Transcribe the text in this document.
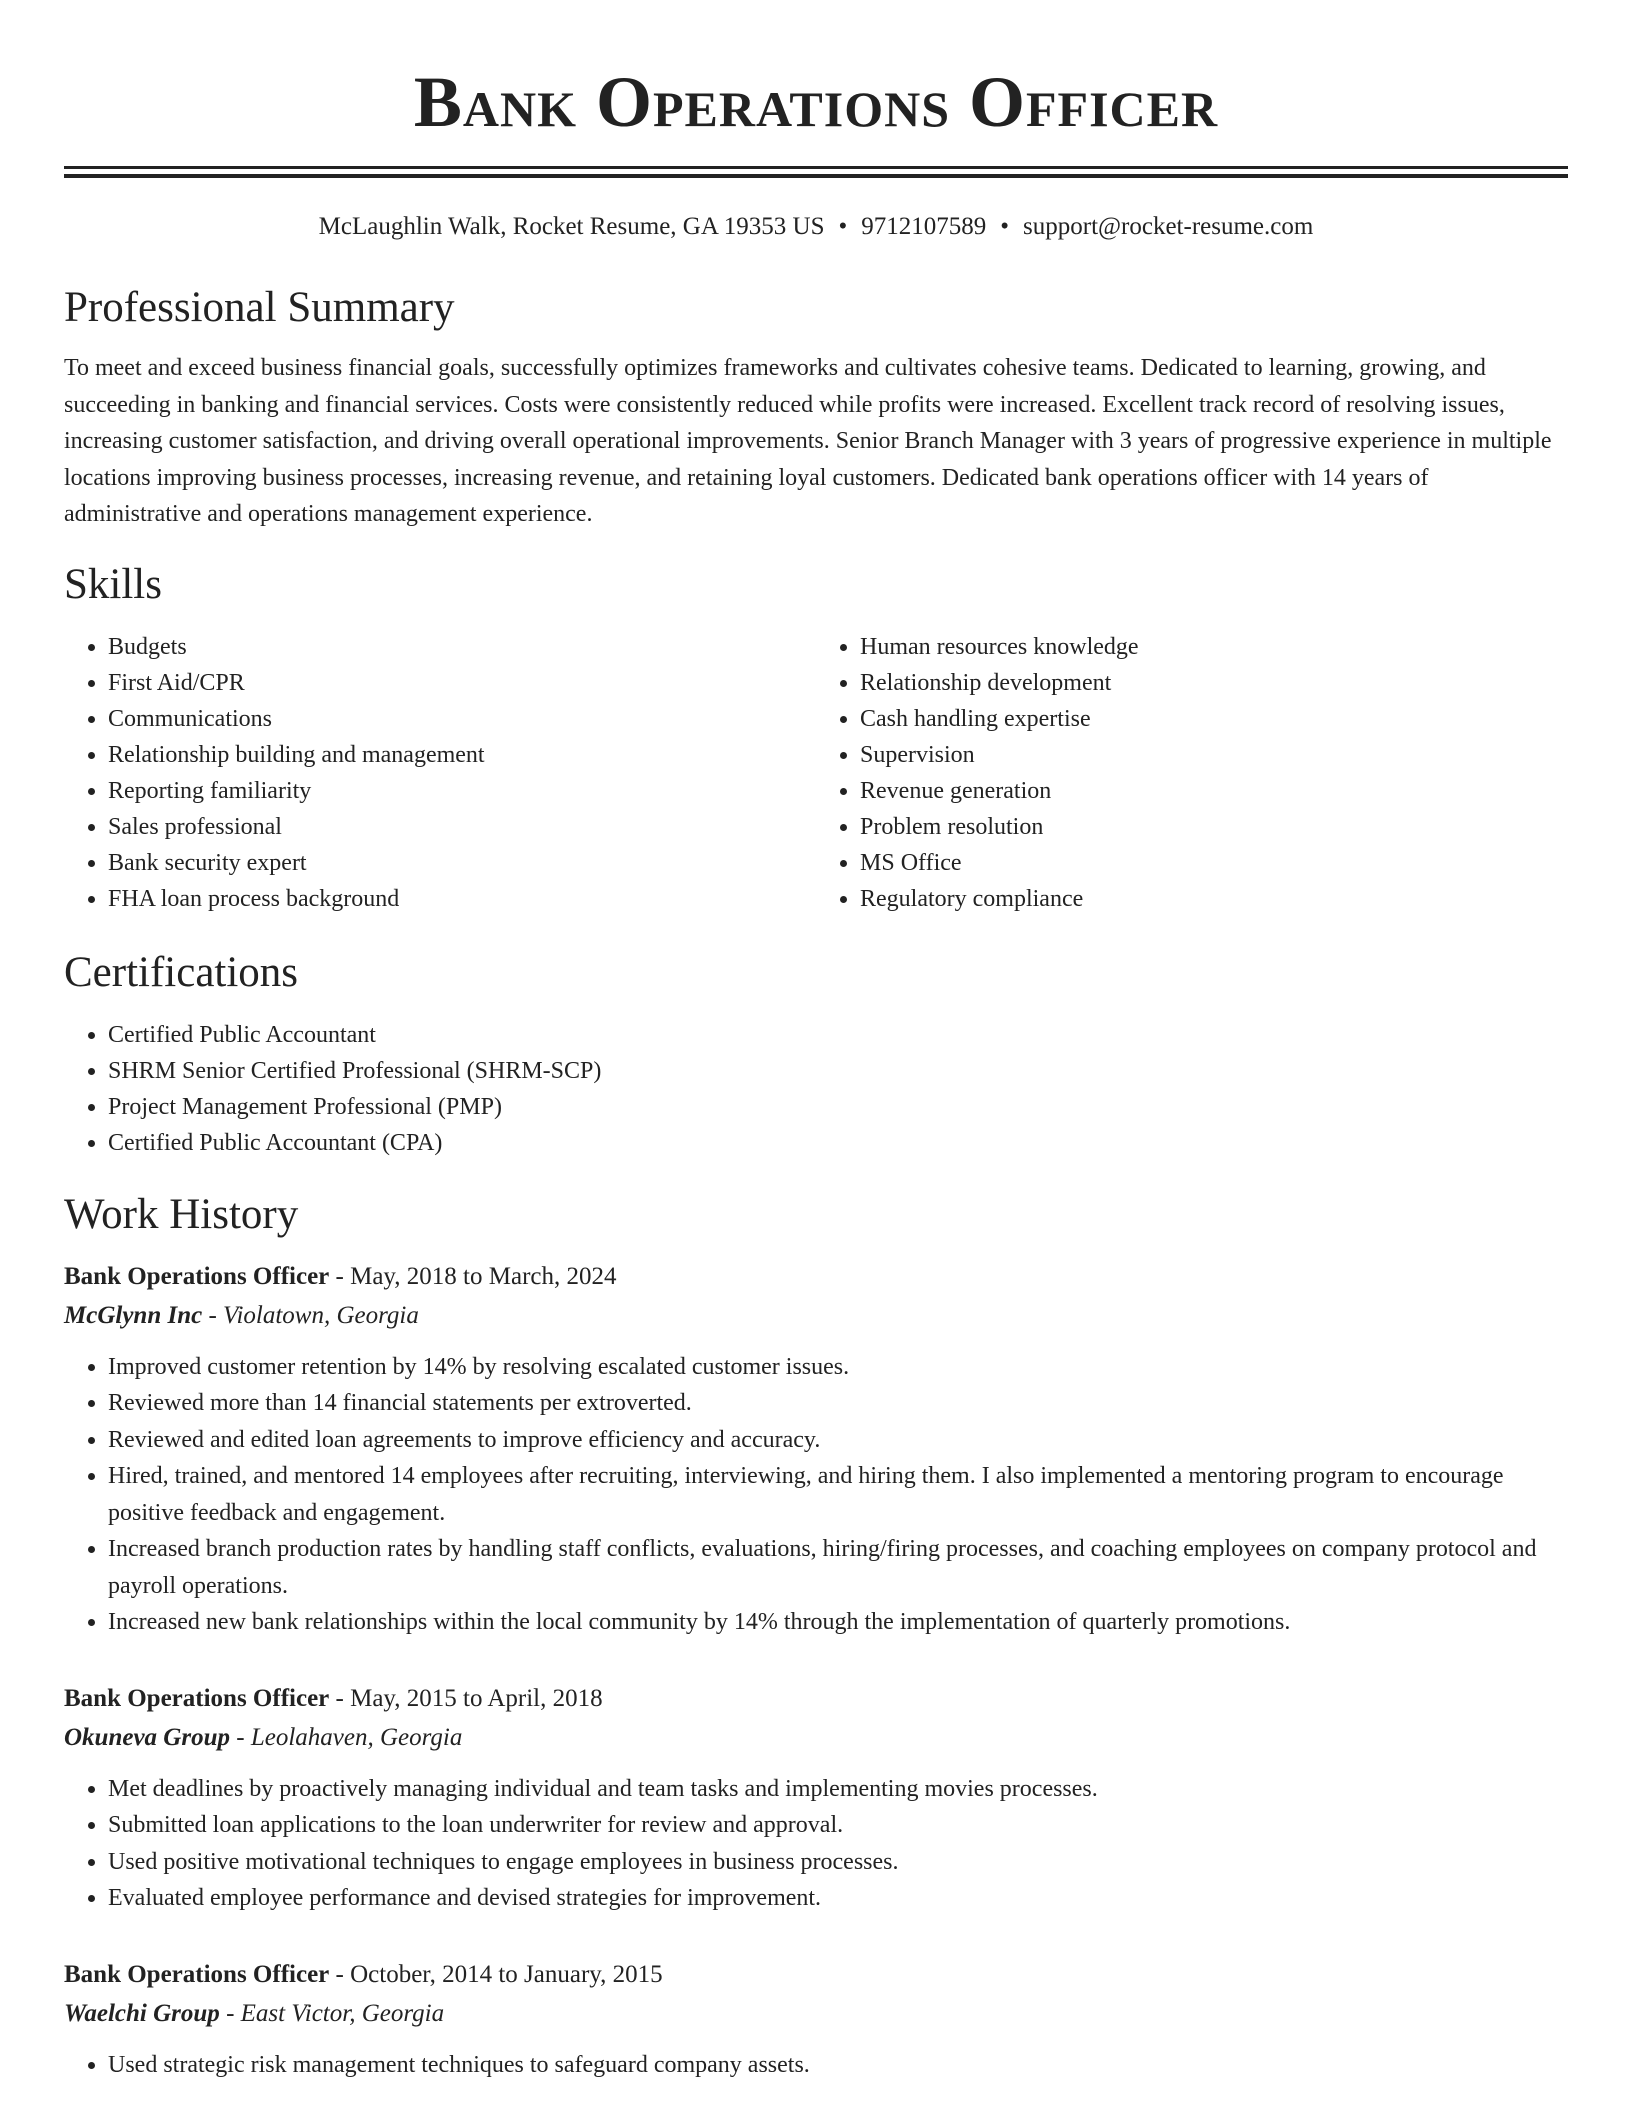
Bank Operations Officer
McLaughlin Walk, Rocket Resume, GA 19353 US • 9712107589 • support@rocket-resume.com
Professional Summary
To meet and exceed business financial goals, successfully optimizes frameworks and cultivates cohesive teams. Dedicated to learning, growing, and succeeding in banking and financial services. Costs were consistently reduced while profits were increased. Excellent track record of resolving issues, increasing customer satisfaction, and driving overall operational improvements. Senior Branch Manager with 3 years of progressive experience in multiple locations improving business processes, increasing revenue, and retaining loyal customers. Dedicated bank operations officer with 14 years of administrative and operations management experience.
Skills
• Budgets
• First Aid/CPR
• Communications
• Relationship building and management
• Reporting familiarity
• Sales professional
• Bank security expert
• FHA loan process background
• Human resources knowledge
• Relationship development
• Cash handling expertise
• Supervision
• Revenue generation
• Problem resolution
• MS Office
• Regulatory compliance
Certifications
• Certified Public Accountant
• SHRM Senior Certified Professional (SHRM-SCP)
• Project Management Professional (PMP)
• Certified Public Accountant (CPA)
Work History
Bank Operations Officer - May, 2018 to March, 2024
McGlynn Inc - Violatown, Georgia
• Improved customer retention by 14% by resolving escalated customer issues.
• Reviewed more than 14 financial statements per extroverted.
• Reviewed and edited loan agreements to improve efficiency and accuracy.
• Hired, trained, and mentored 14 employees after recruiting, interviewing, and hiring them. I also implemented a mentoring program to encourage positive feedback and engagement.
• Increased branch production rates by handling staff conflicts, evaluations, hiring/firing processes, and coaching employees on company protocol and payroll operations.
• Increased new bank relationships within the local community by 14% through the implementation of quarterly promotions.
Bank Operations Officer - May, 2015 to April, 2018
Okuneva Group - Leolahaven, Georgia
• Met deadlines by proactively managing individual and team tasks and implementing movies processes.
• Submitted loan applications to the loan underwriter for review and approval.
• Used positive motivational techniques to engage employees in business processes.
• Evaluated employee performance and devised strategies for improvement.
Bank Operations Officer - October, 2014 to January, 2015
Waelchi Group - East Victor, Georgia
• Used strategic risk management techniques to safeguard company assets.
